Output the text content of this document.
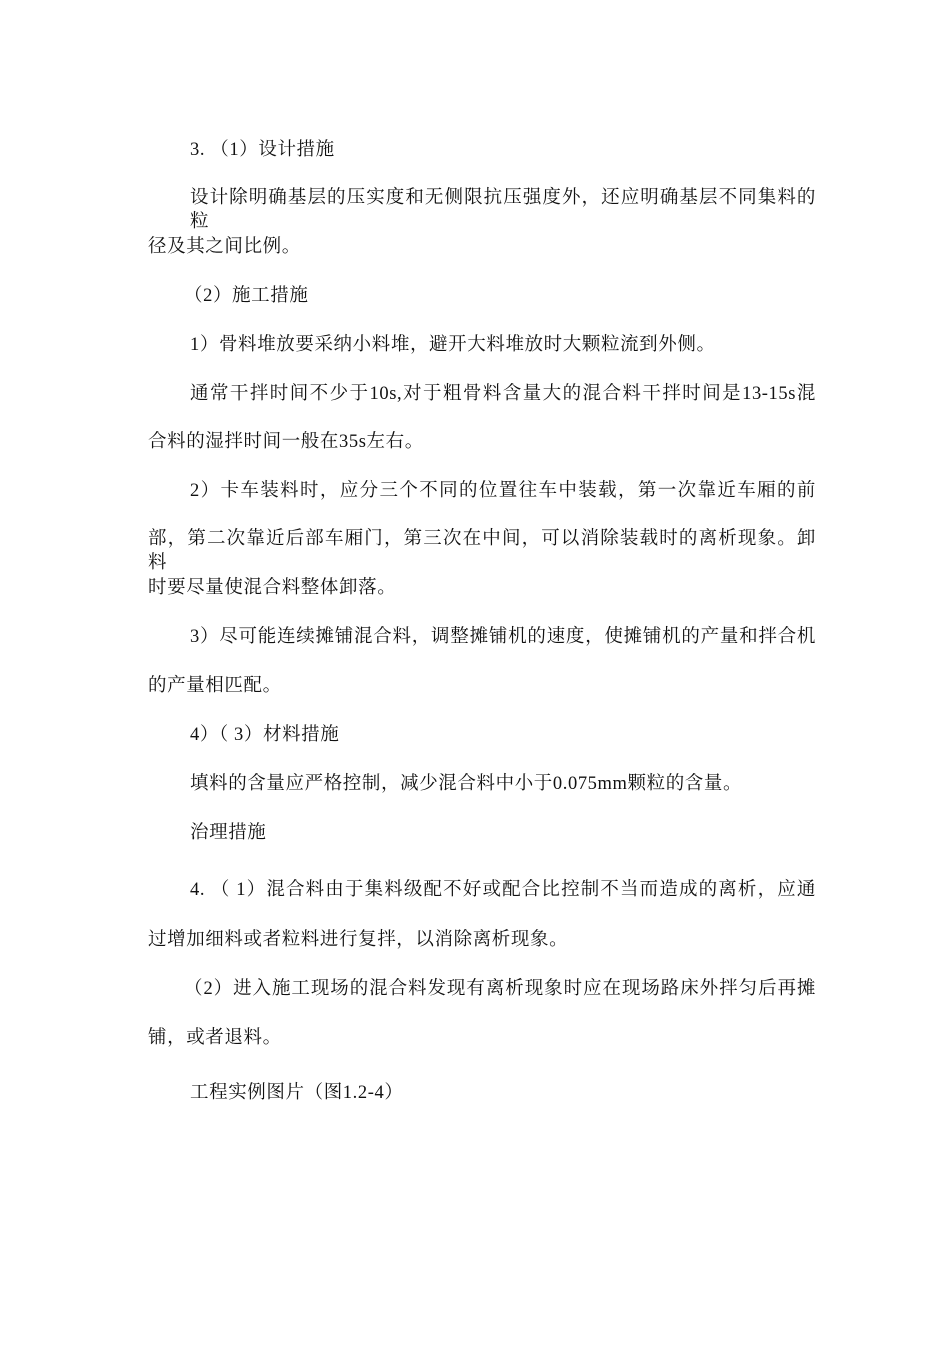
3. （1）设计措施
设计除明确基层的压实度和无侧限抗压强度外，还应明确基层不同集料的粒
径及其之间比例。
（2）施工措施
1）骨料堆放要采纳小料堆，避开大料堆放时大颗粒流到外侧。
通常干拌时间不少于10s,对于粗骨料含量大的混合料干拌时间是13-15s混
合料的湿拌时间一般在35s左右。
2）卡车装料时，应分三个不同的位置往车中装载，第一次靠近车厢的前
部，第二次靠近后部车厢门，第三次在中间，可以消除装载时的离析现象。卸料
时要尽量使混合料整体卸落。
3）尽可能连续摊铺混合料，调整摊铺机的速度，使摊铺机的产量和拌合机
的产量相匹配。
4）（ 3）材料措施
填料的含量应严格控制，减少混合料中小于0.075mm颗粒的含量。
治理措施
4. （ 1）混合料由于集料级配不好或配合比控制不当而造成的离析，应通
过增加细料或者粒料进行复拌，以消除离析现象。
（2）进入施工现场的混合料发现有离析现象时应在现场路床外拌匀后再摊
铺，或者退料。
工程实例图片（图1.2-4）
